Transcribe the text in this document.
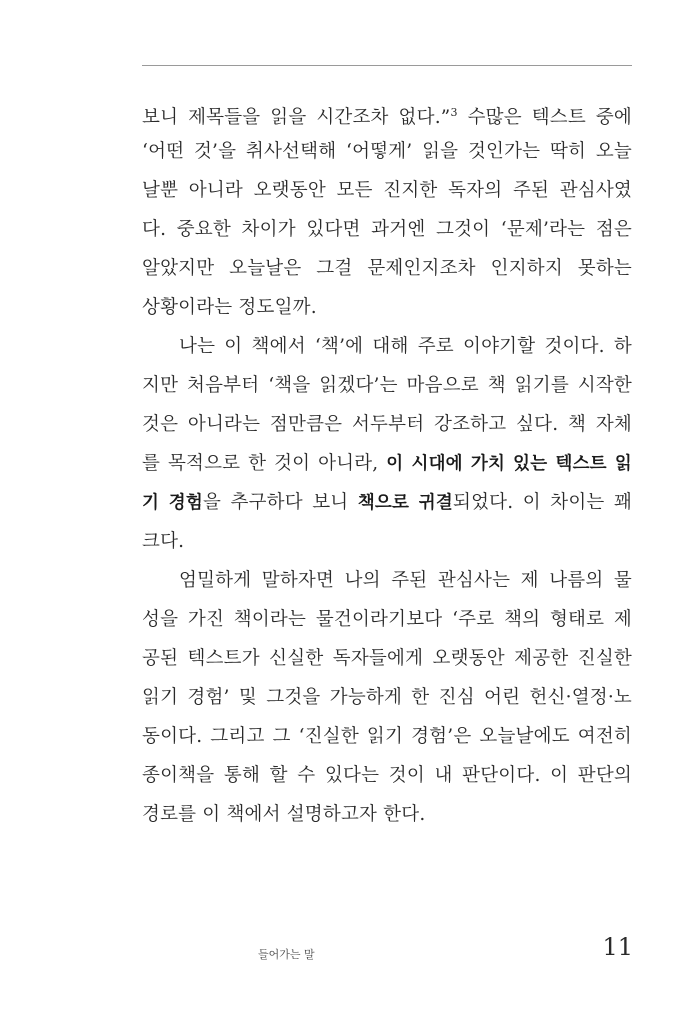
보니 제목들을 읽을 시간조차 없다.”$^3$ 수많은 텍스트 중에
‘어떤 것’을 취사선택해 ‘어떻게’ 읽을 것인가는 딱히 오늘
날뿐 아니라 오랫동안 모든 진지한 독자의 주된 관심사였
다. 중요한 차이가 있다면 과거엔 그것이 ‘문제’라는 점은
알았지만 오늘날은 그걸 문제인지조차 인지하지 못하는
상황이라는 정도일까.
나는 이 책에서 ‘책’에 대해 주로 이야기할 것이다. 하
지만 처음부터 ‘책을 읽겠다’는 마음으로 책 읽기를 시작한
것은 아니라는 점만큼은 서두부터 강조하고 싶다. 책 자체
를 목적으로 한 것이 아니라, 이 시대에 가치 있는 텍스트 읽
기 경험을 추구하다 보니 책으로 귀결되었다. 이 차이는 꽤
크다.
엄밀하게 말하자면 나의 주된 관심사는 제 나름의 물
성을 가진 책이라는 물건이라기보다 ‘주로 책의 형태로 제
공된 텍스트가 신실한 독자들에게 오랫동안 제공한 진실한
읽기 경험’ 및 그것을 가능하게 한 진심 어린 헌신·열정·노
동이다. 그리고 그 ‘진실한 읽기 경험’은 오늘날에도 여전히
종이책을 통해 할 수 있다는 것이 내 판단이다. 이 판단의
경로를 이 책에서 설명하고자 한다.
들어가는 말	11
